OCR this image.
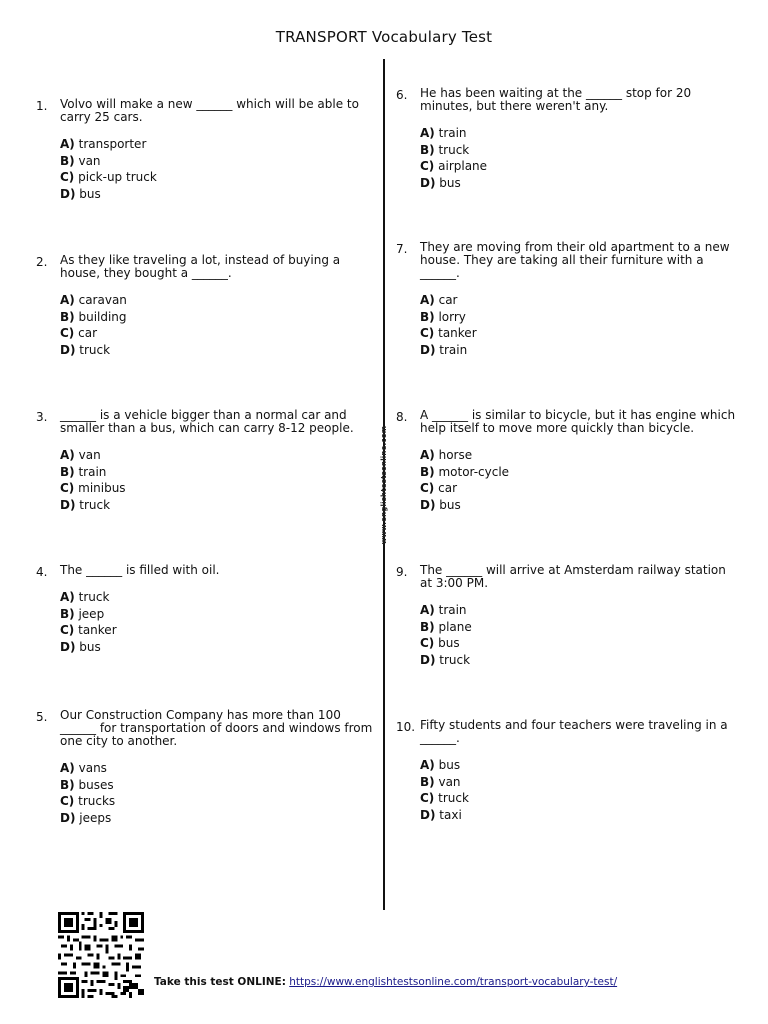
TRANSPORT Vocabulary Test
www.englishtestsonline.com
1.	Volvo will make a new ______ which will be able to carry 25 cars.
A) transporter
B) van
C) pick-up truck
D) bus
2.	As they like traveling a lot, instead of buying a house, they bought a ______.
A) caravan
B) building
C) car
D) truck
3.	______ is a vehicle bigger than a normal car and smaller than a bus, which can carry 8-12 people.
A) van
B) train
C) minibus
D) truck
4.	The ______ is filled with oil.
A) truck
B) jeep
C) tanker
D) bus
5.	Our Construction Company has more than 100 ______ for transportation of doors and windows from one city to another.
A) vans
B) buses
C) trucks
D) jeeps
6.	He has been waiting at the ______ stop for 20 minutes, but there weren't any.
A) train
B) truck
C) airplane
D) bus
7.	They are moving from their old apartment to a new house. They are taking all their furniture with a ______.
A) car
B) lorry
C) tanker
D) train
8.	A ______ is similar to bicycle, but it has engine which help itself to move more quickly than bicycle.
A) horse
B) motor-cycle
C) car
D) bus
9.	The ______ will arrive at Amsterdam railway station at 3:00 PM.
A) train
B) plane
C) bus
D) truck
10. Fifty students and four teachers were traveling in a ______.
A) bus
B) van
C) truck
D) taxi
Take this test ONLINE: https://www.englishtestsonline.com/transport-vocabulary-test/
